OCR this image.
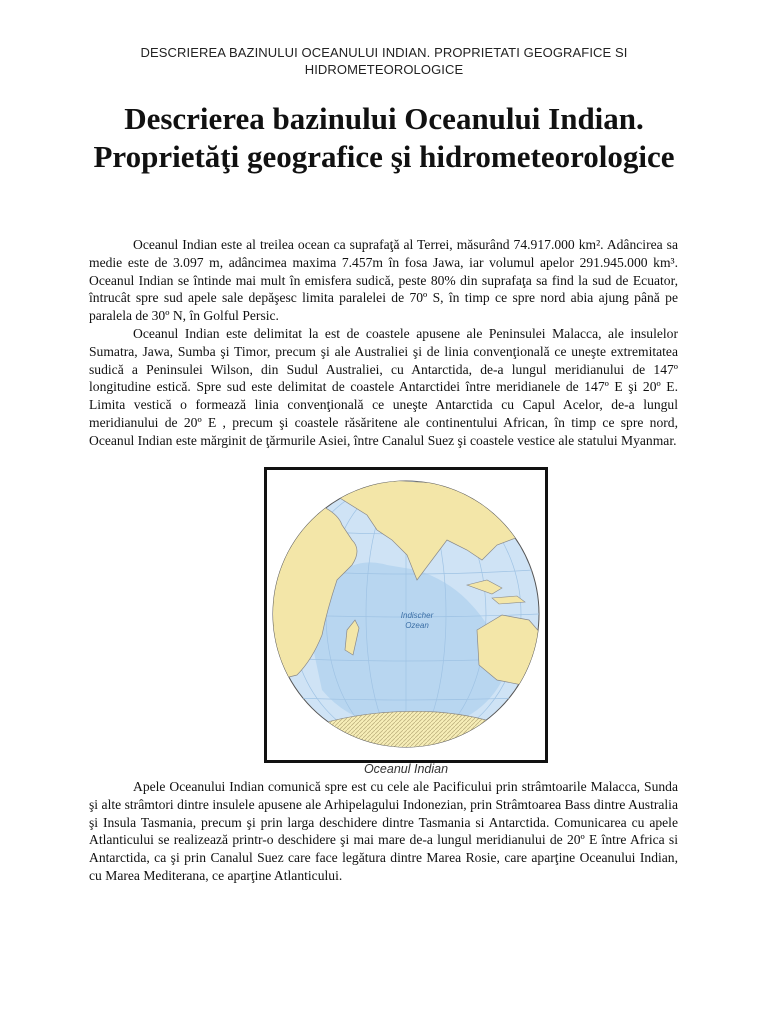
DESCRIEREA BAZINULUI OCEANULUI INDIAN. PROPRIETATI GEOGRAFICE SI HIDROMETEOROLOGICE
Descrierea bazinului Oceanului Indian. Proprietăţi geografice şi hidrometeorologice

Oceanul Indian este al treilea ocean ca suprafaţă al Terrei, măsurând 74.917.000 km². Adâncirea sa medie este de 3.097 m, adâncimea maxima 7.457m în fosa Jawa, iar volumul apelor 291.945.000 km³. Oceanul Indian se întinde mai mult în emisfera sudică, peste 80% din suprafaţa sa find la sud de Ecuator, întrucât spre sud apele sale depăşesc limita paralelei de 70º S, în timp ce spre nord abia ajung până pe paralela de 30º N, în Golful Persic.

Oceanul Indian este delimitat la est de coastele apusene ale Peninsulei Malacca, ale insulelor Sumatra, Jawa, Sumba şi Timor, precum şi ale Australiei şi de linia convenţională ce uneşte extremitatea sudică a Peninsulei Wilson, din Sudul Australiei, cu Antarctida, de-a lungul meridianului de 147º longitudine estică. Spre sud este delimitat de coastele Antarctidei între meridianele de 147º E şi 20º E. Limita vestică o formează linia convenţională ce uneşte Antarctida cu Capul Acelor, de-a lungul meridianului de 20º E , precum şi coastele răsăritene ale continentului African, în timp ce spre nord, Oceanul Indian este mărginit de ţărmurile Asiei, între Canalul Suez şi coastele vestice ale statului Myanmar.

Indischer
Ozean
Oceanul Indian

Apele Oceanului Indian comunică spre est cu cele ale Pacificului prin strâmtoarile Malacca, Sunda şi alte strâmtori dintre insulele apusene ale Arhipelagului Indonezian, prin Strâmtoarea Bass dintre Australia şi Insula Tasmania, precum şi prin larga deschidere dintre Tasmania si Antarctida. Comunicarea cu apele Atlanticului se realizează printr-o deschidere şi mai mare de-a lungul meridianului de 20º E între Africa si Antarctida, ca şi prin Canalul Suez care face legătura dintre Marea Rosie, care aparţine Oceanului Indian, cu Marea Mediterana, ce aparţine Atlanticului.
